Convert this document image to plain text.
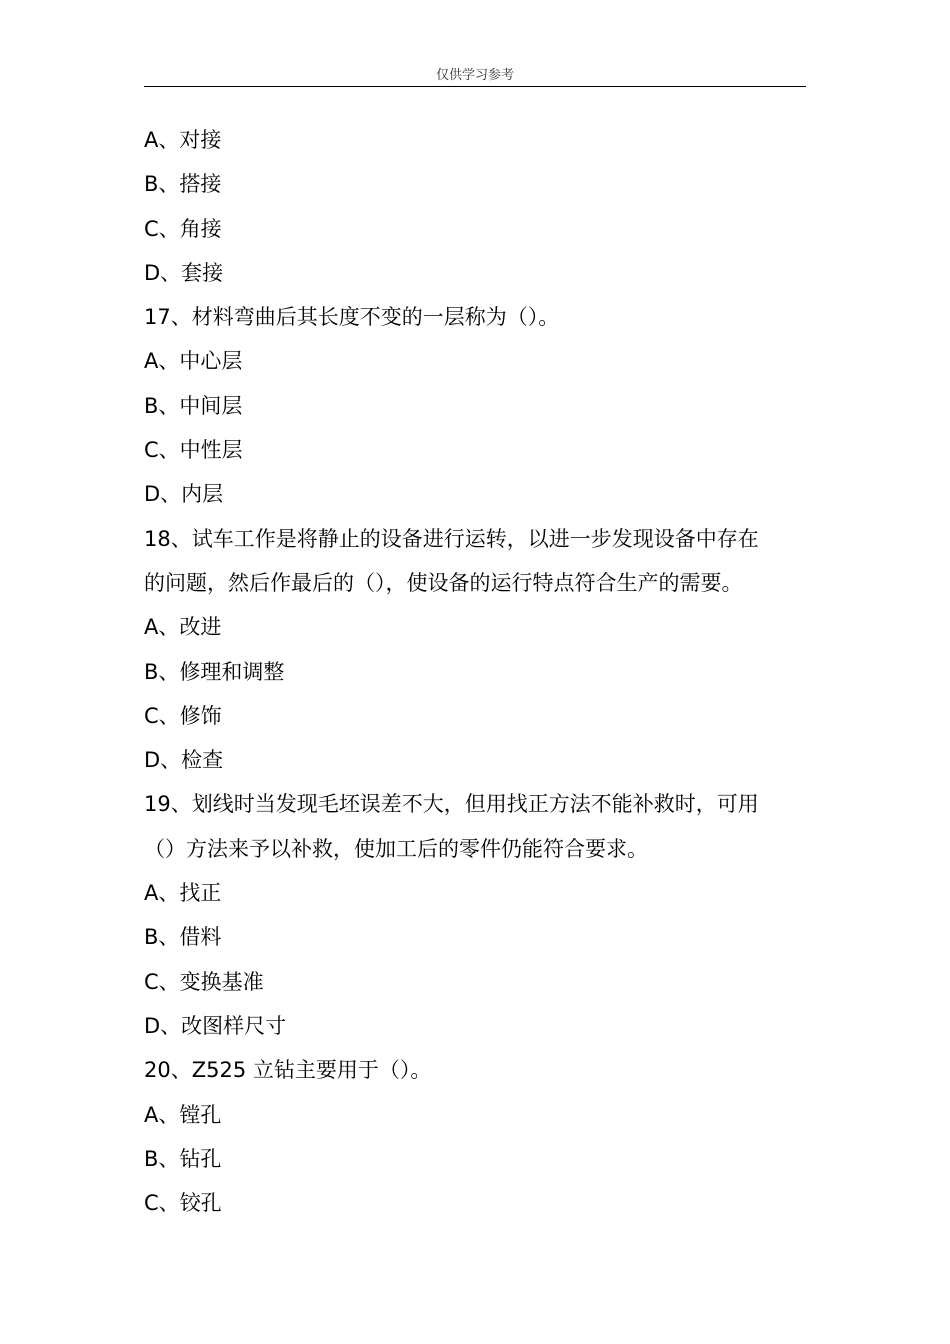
仅供学习参考
A、对接
B、搭接
C、角接
D、套接
17、材料弯曲后其长度不变的一层称为（）。
A、中心层
B、中间层
C、中性层
D、内层
18、试车工作是将静止的设备进行运转，以进一步发现设备中存在
的问题，然后作最后的（），使设备的运行特点符合生产的需要。
A、改进
B、修理和调整
C、修饰
D、检查
19、划线时当发现毛坯误差不大，但用找正方法不能补救时，可用
（）方法来予以补救，使加工后的零件仍能符合要求。
A、找正
B、借料
C、变换基准
D、改图样尺寸
20、Z525 立钻主要用于（）。
A、镗孔
B、钻孔
C、铰孔
